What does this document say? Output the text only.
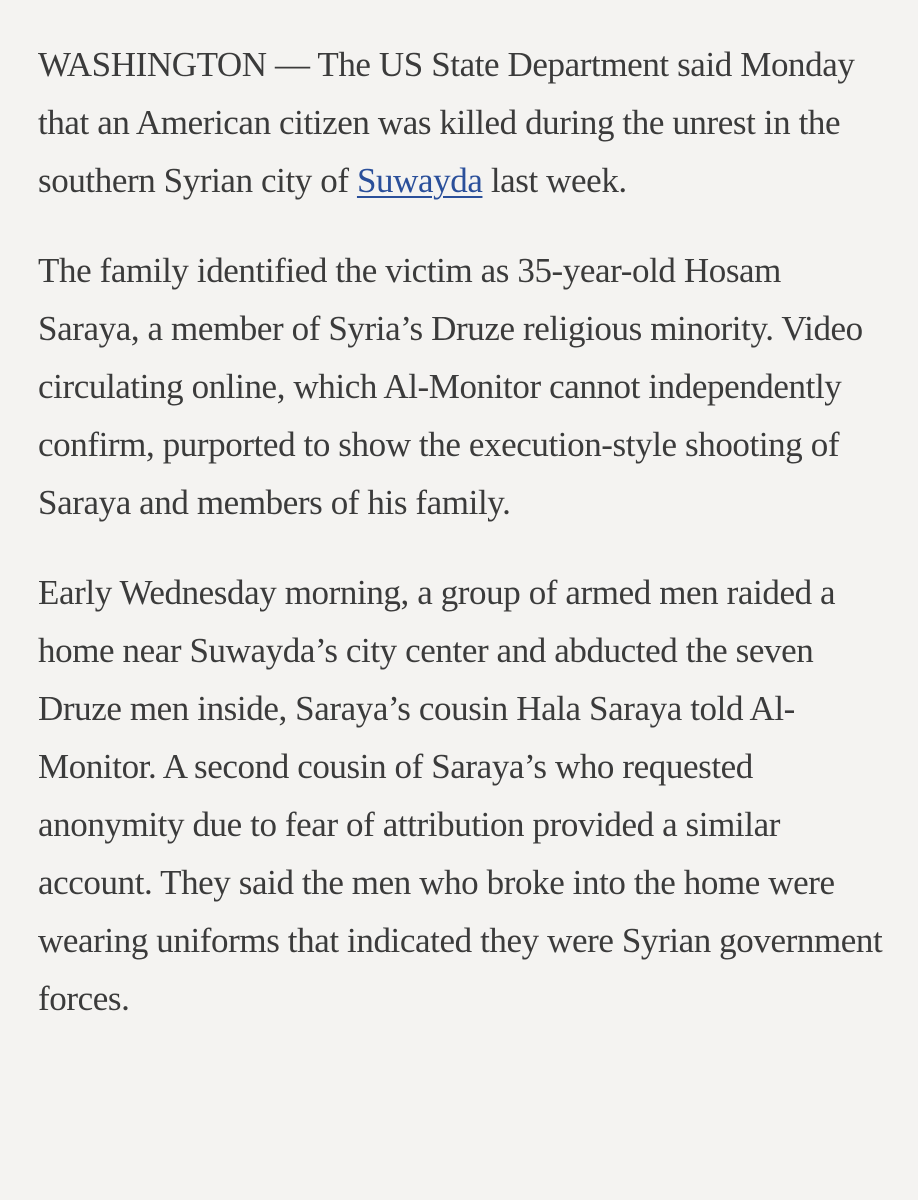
WASHINGTON — The US State Department said Monday that an American citizen was killed during the unrest in the southern Syrian city of Suwayda last week.

The family identified the victim as 35-year-old Hosam Saraya, a member of Syria’s Druze religious minority. Video circulating online, which Al-Monitor cannot independently confirm, purported to show the execution-style shooting of Saraya and members of his family.

Early Wednesday morning, a group of armed men raided a home near Suwayda’s city center and abducted the seven Druze men inside, Saraya’s cousin Hala Saraya told Al-Monitor. A second cousin of Saraya’s who requested anonymity due to fear of attribution provided a similar account. They said the men who broke into the home were wearing uniforms that indicated they were Syrian government forces.
